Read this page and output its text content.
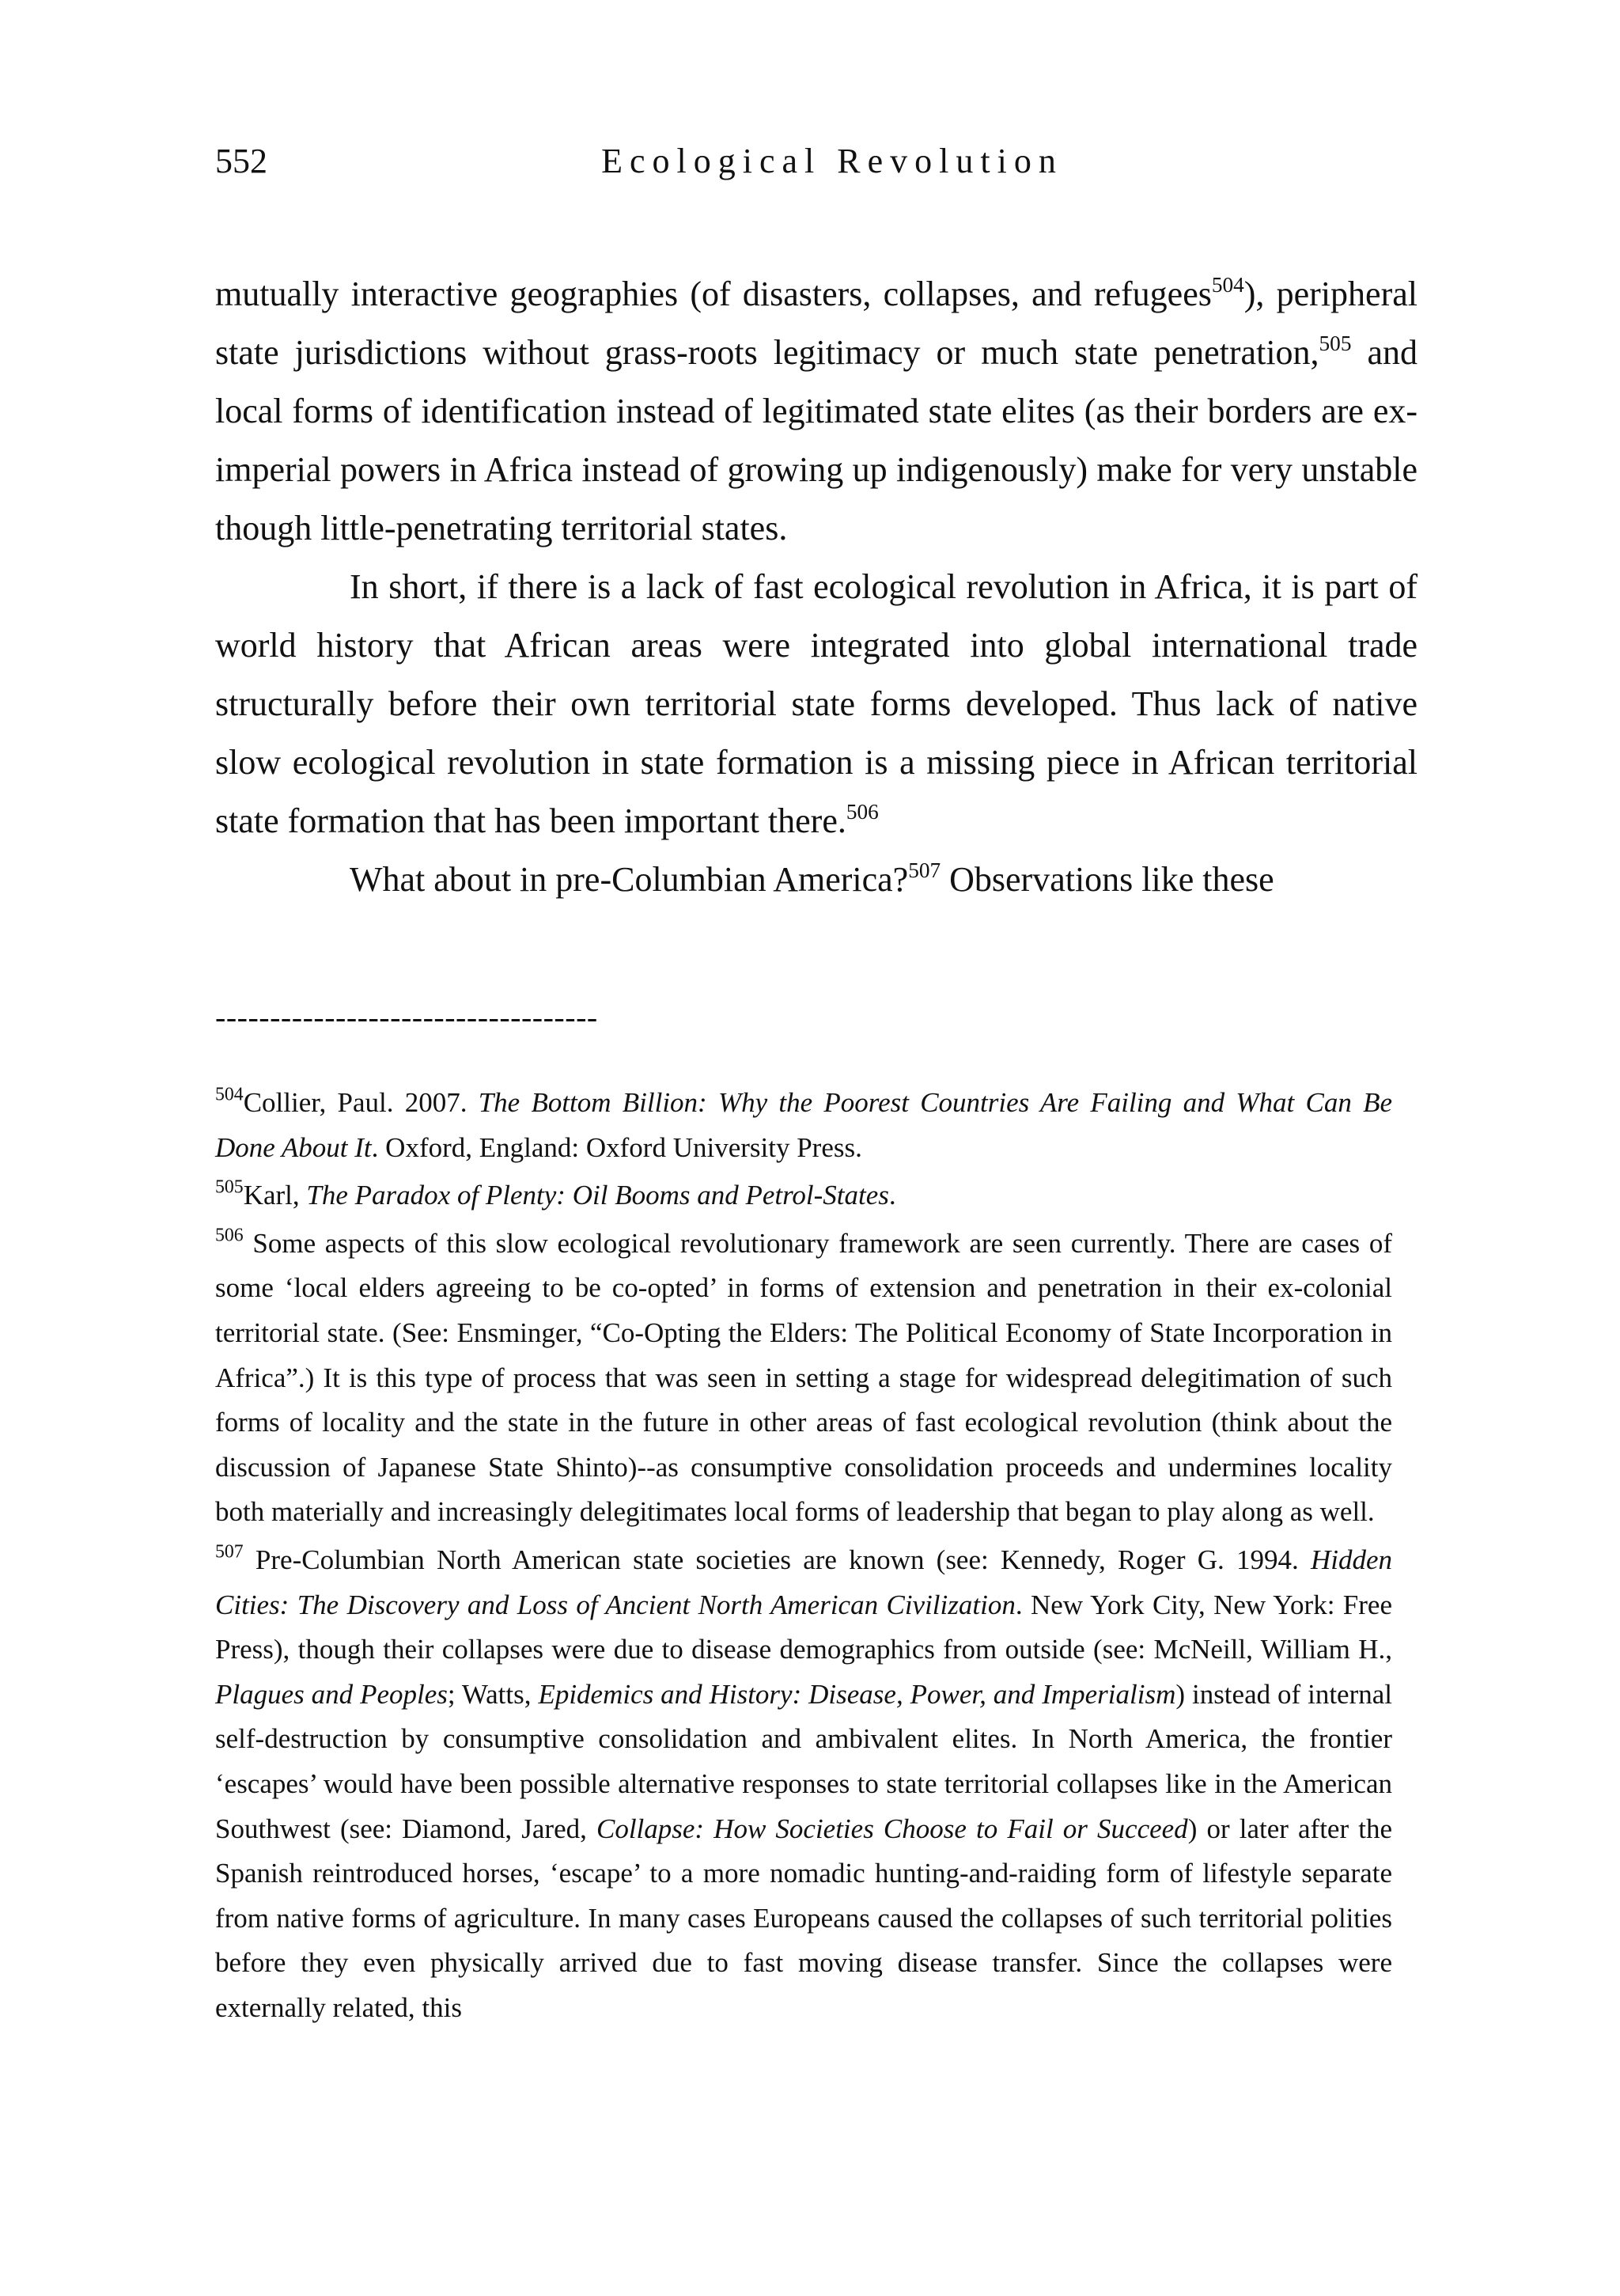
552	Ecological Revolution

mutually interactive geographies (of disasters, collapses, and refugees$^{504}$), peripheral state jurisdictions without grass-roots legitimacy or much state penetration,$^{505}$ and local forms of identification instead of legitimated state elites (as their borders are ex-imperial powers in Africa instead of growing up indigenously) make for very unstable though little-penetrating territorial states.

In short, if there is a lack of fast ecological revolution in Africa, it is part of world history that African areas were integrated into global international trade structurally before their own territorial state forms developed. Thus lack of native slow ecological revolution in state formation is a missing piece in African territorial state formation that has been important there.$^{506}$

What about in pre-Columbian America?$^{507}$ Observations like these

-----------------------------------

$^{504}$Collier, Paul. 2007. The Bottom Billion: Why the Poorest Countries Are Failing and What Can Be Done About It. Oxford, England: Oxford University Press.

$^{505}$Karl, The Paradox of Plenty: Oil Booms and Petrol-States.

$^{506}$ Some aspects of this slow ecological revolutionary framework are seen currently. There are cases of some ‘local elders agreeing to be co-opted’ in forms of extension and penetration in their ex-colonial territorial state. (See: Ensminger, “Co-Opting the Elders: The Political Economy of State Incorporation in Africa”.) It is this type of process that was seen in setting a stage for widespread delegitimation of such forms of locality and the state in the future in other areas of fast ecological revolution (think about the discussion of Japanese State Shinto)--as consumptive consolidation proceeds and undermines locality both materially and increasingly delegitimates local forms of leadership that began to play along as well.

$^{507}$ Pre-Columbian North American state societies are known (see: Kennedy, Roger G. 1994. Hidden Cities: The Discovery and Loss of Ancient North American Civilization. New York City, New York: Free Press), though their collapses were due to disease demographics from outside (see: McNeill, William H., Plagues and Peoples; Watts, Epidemics and History: Disease, Power, and Imperialism) instead of internal self-destruction by consumptive consolidation and ambivalent elites. In North America, the frontier ‘escapes’ would have been possible alternative responses to state territorial collapses like in the American Southwest (see: Diamond, Jared, Collapse: How Societies Choose to Fail or Succeed) or later after the Spanish reintroduced horses, ‘escape’ to a more nomadic hunting-and-raiding form of lifestyle separate from native forms of agriculture. In many cases Europeans caused the collapses of such territorial polities before they even physically arrived due to fast moving disease transfer. Since the collapses were externally related, this
